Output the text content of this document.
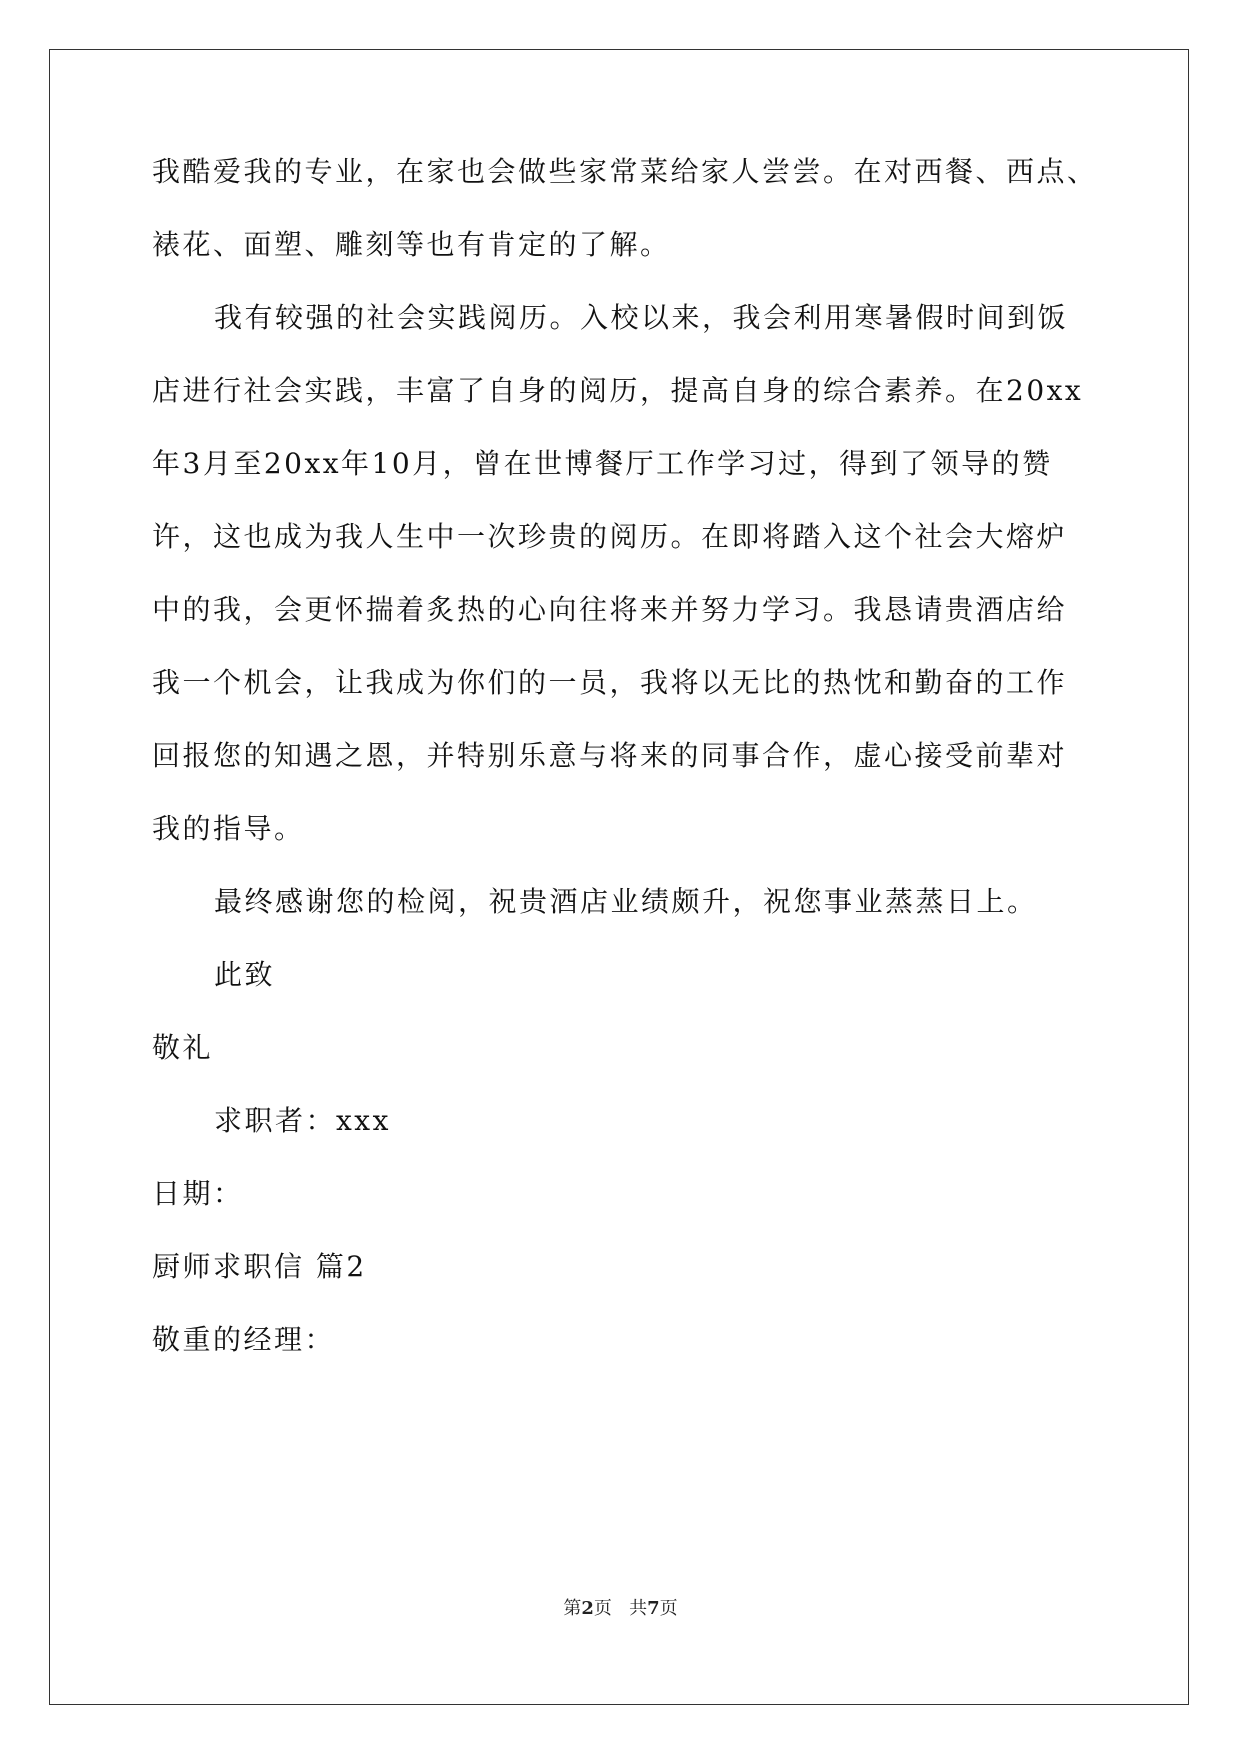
我酷爱我的专业，在家也会做些家常菜给家人尝尝。在对西餐、西点、
裱花、面塑、雕刻等也有肯定的了解。
我有较强的社会实践阅历。入校以来，我会利用寒暑假时间到饭
店进行社会实践，丰富了自身的阅历，提高自身的综合素养。在20xx
年3月至20xx年10月，曾在世博餐厅工作学习过，得到了领导的赞
许，这也成为我人生中一次珍贵的阅历。在即将踏入这个社会大熔炉
中的我，会更怀揣着炙热的心向往将来并努力学习。我恳请贵酒店给
我一个机会，让我成为你们的一员，我将以无比的热忱和勤奋的工作
回报您的知遇之恩，并特别乐意与将来的同事合作，虚心接受前辈对
我的指导。
最终感谢您的检阅，祝贵酒店业绩颇升，祝您事业蒸蒸日上。
此致
敬礼
求职者：xxx
日期：
厨师求职信 篇2
敬重的经理：
第2页   共7页
